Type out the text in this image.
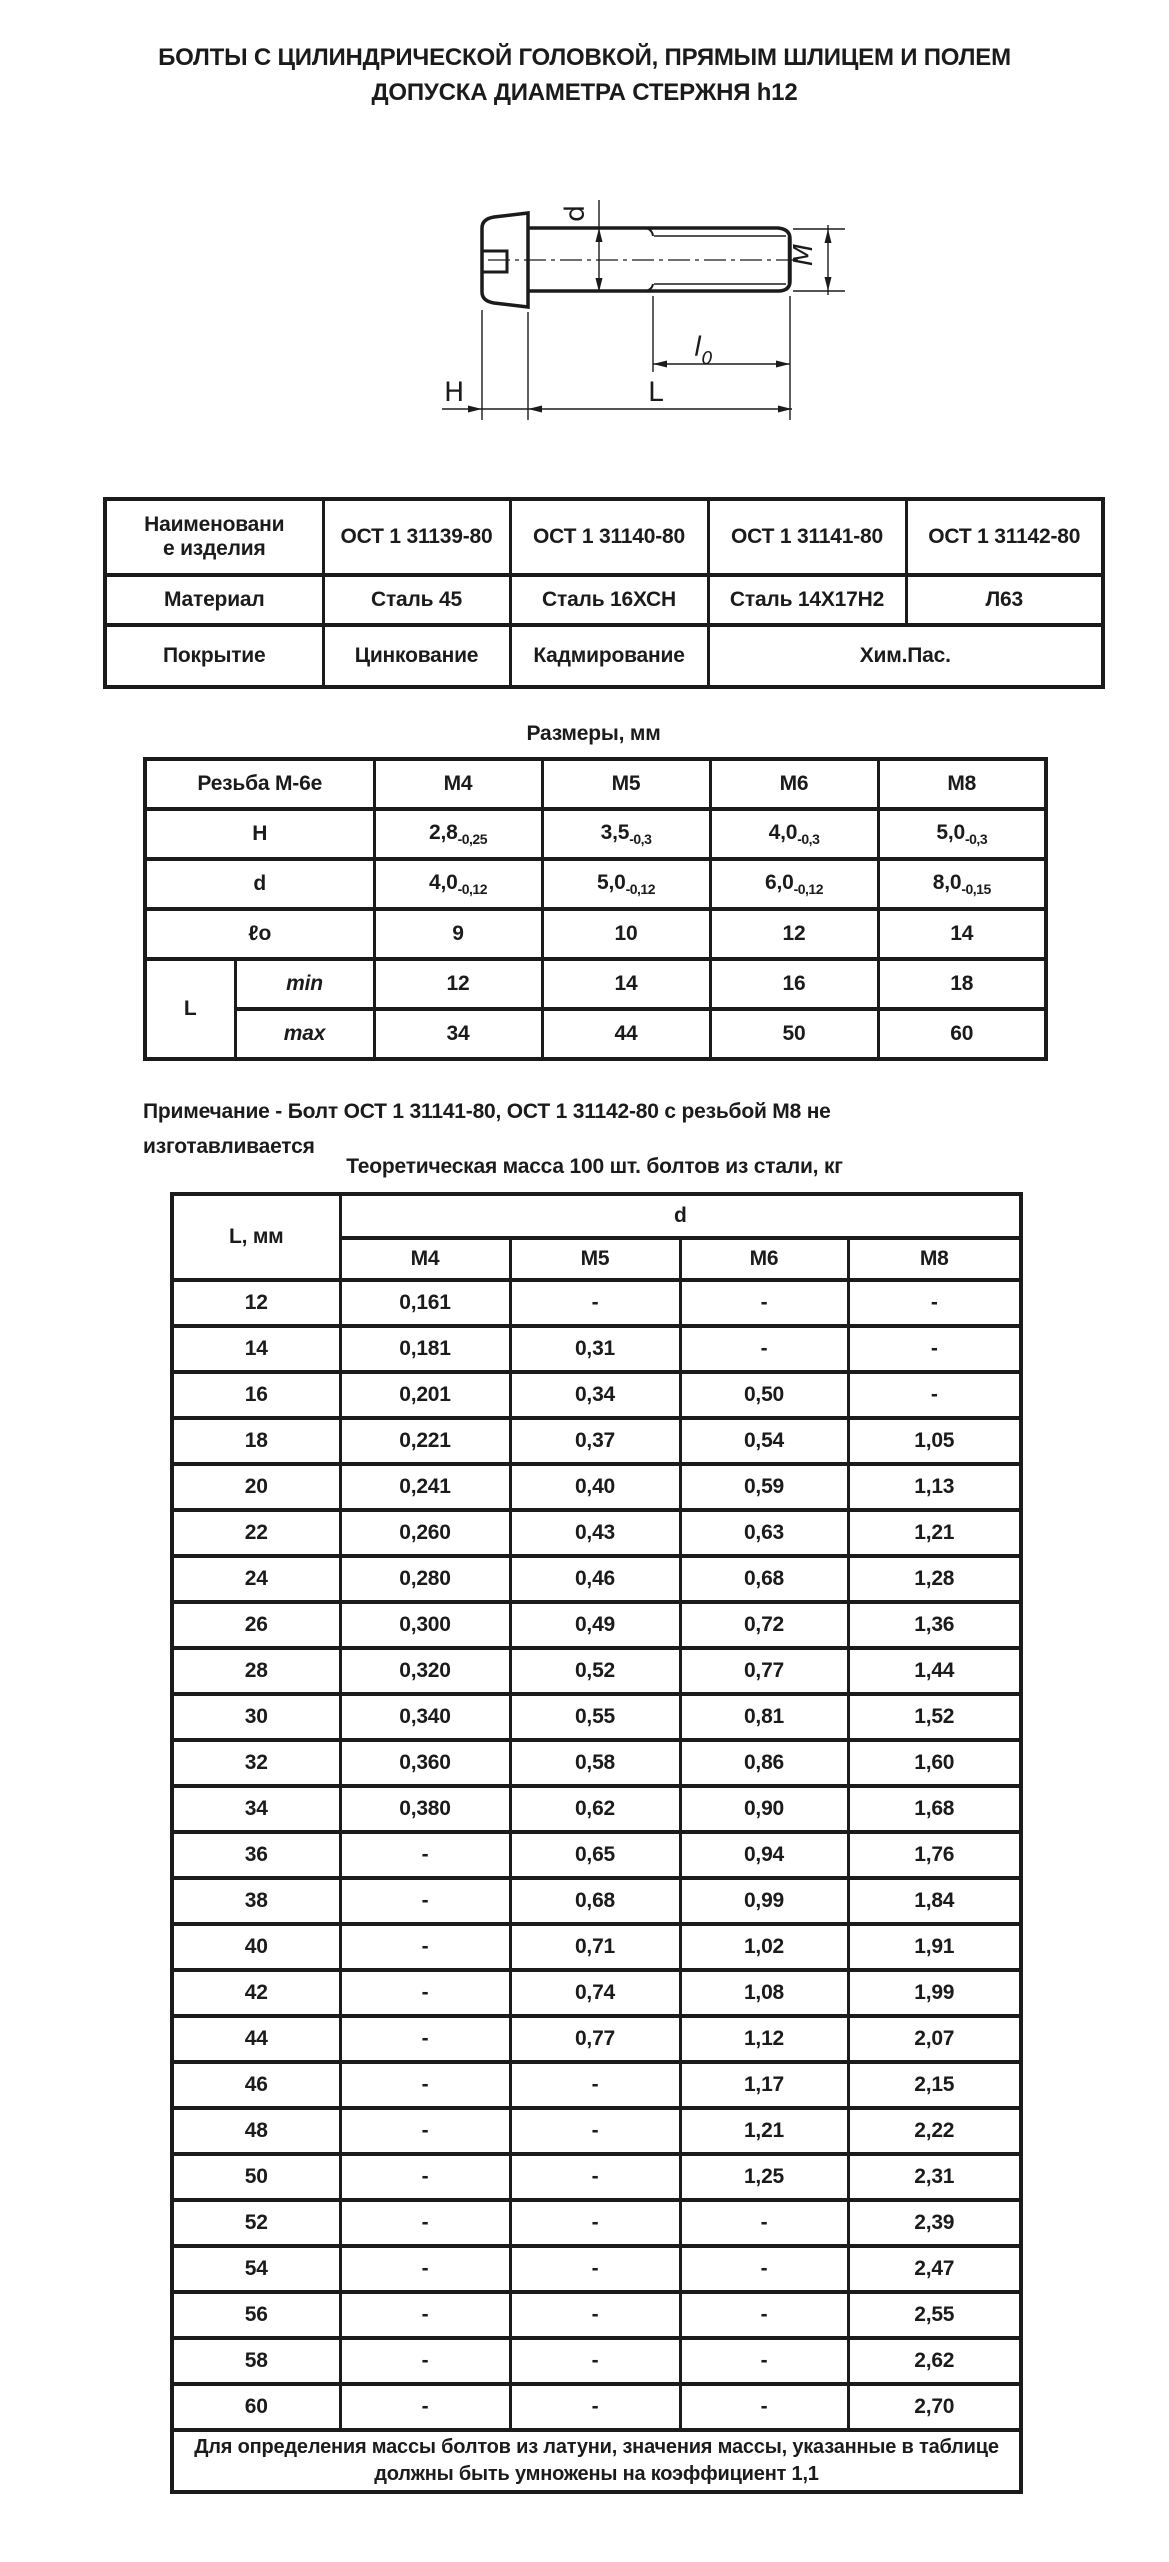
БОЛТЫ С ЦИЛИНДРИЧЕСКОЙ ГОЛОВКОЙ, ПРЯМЫМ ШЛИЦЕМ И ПОЛЕМ
ДОПУСКА ДИАМЕТРА СТЕРЖНЯ h12
d
M
$l_0$
L
H
Наименовани
е изделия	ОСТ 1 31139-80	ОСТ 1 31140-80	ОСТ 1 31141-80	ОСТ 1 31142-80
Материал	Сталь 45	Сталь 16ХСН	Сталь 14Х17Н2	Л63
Покрытие	Цинкование	Кадмирование	Хим.Пас.	
Размеры, мм
Резьба М-6е		М4	М5	М6	М8
H		$2,8_{-0,25}$	$3,5_{-0,3}$	$4,0_{-0,3}$	$5,0_{-0,3}$
d		$4,0_{-0,12}$	$5,0_{-0,12}$	$6,0_{-0,12}$	$8,0_{-0,15}$
ℓo		9	10	12	14
L	min	12	14	16	18
	max	34	44	50	60
Примечание - Болт ОСТ 1 31141-80, ОСТ 1 31142-80 с резьбой М8 не
изготавливается
Теоретическая масса 100 шт. болтов из стали, кг
L, мм	d			
	М4	М5	М6	М8
12	0,161	-	-	-
14	0,181	0,31	-	-
16	0,201	0,34	0,50	-
18	0,221	0,37	0,54	1,05
20	0,241	0,40	0,59	1,13
22	0,260	0,43	0,63	1,21
24	0,280	0,46	0,68	1,28
26	0,300	0,49	0,72	1,36
28	0,320	0,52	0,77	1,44
30	0,340	0,55	0,81	1,52
32	0,360	0,58	0,86	1,60
34	0,380	0,62	0,90	1,68
36	-	0,65	0,94	1,76
38	-	0,68	0,99	1,84
40	-	0,71	1,02	1,91
42	-	0,74	1,08	1,99
44	-	0,77	1,12	2,07
46	-	-	1,17	2,15
48	-	-	1,21	2,22
50	-	-	1,25	2,31
52	-	-	-	2,39
54	-	-	-	2,47
56	-	-	-	2,55
58	-	-	-	2,62
60	-	-	-	2,70

Для определения массы болтов из латуни, значения массы, указанные в таблице
должны быть умножены на коэффициент 1,1				
